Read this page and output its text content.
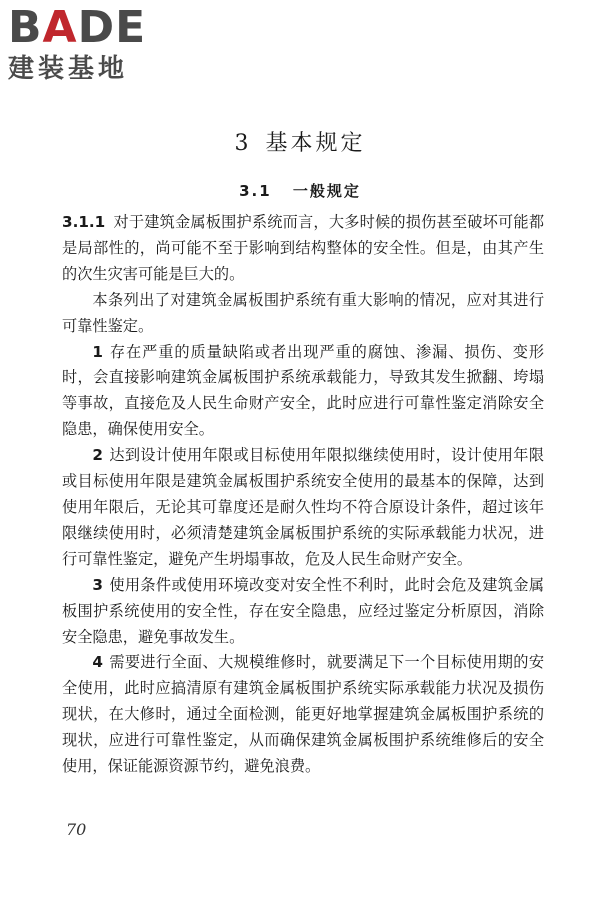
BADE
建装基地
3 基本规定
3.1 一般规定

3.1.1 对于建筑金属板围护系统而言，大多时候的损伤甚至破坏可能都是局部性的，尚可能不至于影响到结构整体的安全性。但是，由其产生的次生灾害可能是巨大的。

本条列出了对建筑金属板围护系统有重大影响的情况，应对其进行可靠性鉴定。

1 存在严重的质量缺陷或者出现严重的腐蚀、渗漏、损伤、变形时，会直接影响建筑金属板围护系统承载能力，导致其发生掀翻、垮塌等事故，直接危及人民生命财产安全，此时应进行可靠性鉴定消除安全隐患，确保使用安全。

2 达到设计使用年限或目标使用年限拟继续使用时，设计使用年限或目标使用年限是建筑金属板围护系统安全使用的最基本的保障，达到使用年限后，无论其可靠度还是耐久性均不符合原设计条件，超过该年限继续使用时，必须清楚建筑金属板围护系统的实际承载能力状况，进行可靠性鉴定，避免产生坍塌事故，危及人民生命财产安全。

3 使用条件或使用环境改变对安全性不利时，此时会危及建筑金属板围护系统使用的安全性，存在安全隐患，应经过鉴定分析原因，消除安全隐患，避免事故发生。

4 需要进行全面、大规模维修时，就要满足下一个目标使用期的安全使用，此时应搞清原有建筑金属板围护系统实际承载能力状况及损伤现状，在大修时，通过全面检测，能更好地掌握建筑金属板围护系统的现状，应进行可靠性鉴定，从而确保建筑金属板围护系统维修后的安全使用，保证能源资源节约，避免浪费。

70
